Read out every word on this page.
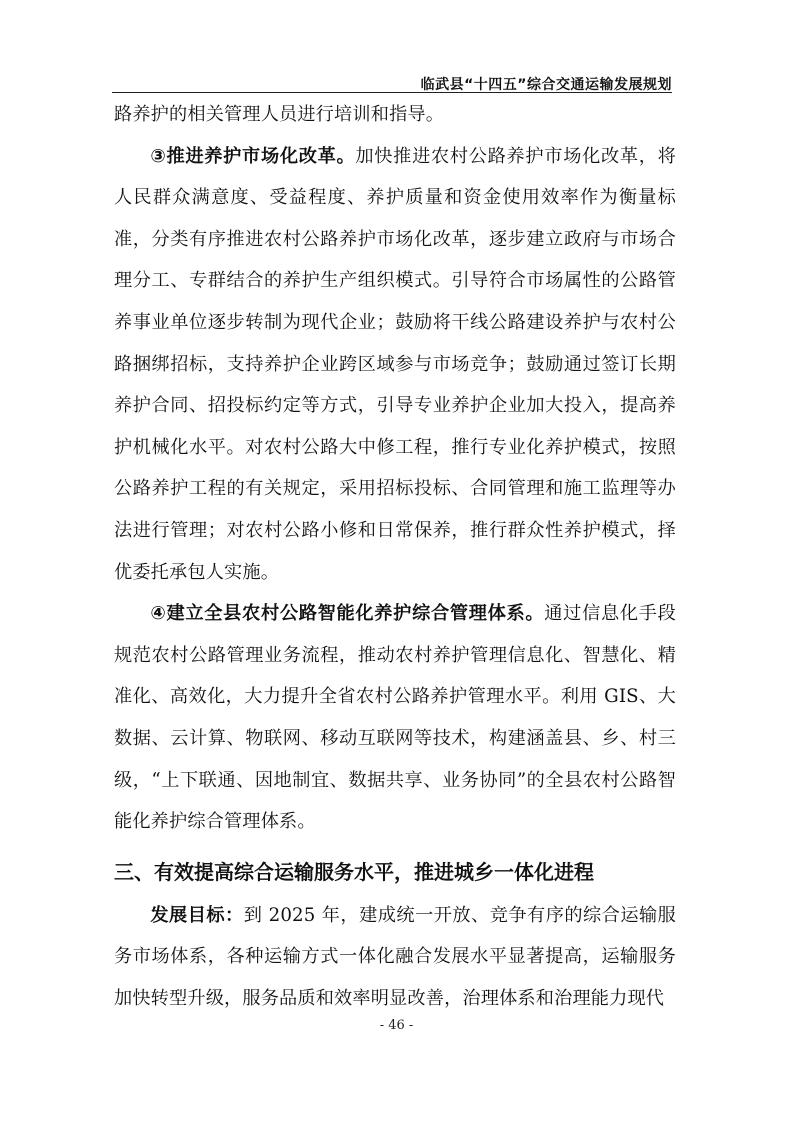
临武县“十四五”综合交通运输发展规划

路养护的相关管理人员进行培训和指导。

③推进养护市场化改革。加快推进农村公路养护市场化改革，将人民群众满意度、受益程度、养护质量和资金使用效率作为衡量标准，分类有序推进农村公路养护市场化改革，逐步建立政府与市场合理分工、专群结合的养护生产组织模式。引导符合市场属性的公路管养事业单位逐步转制为现代企业；鼓励将干线公路建设养护与农村公路捆绑招标，支持养护企业跨区域参与市场竞争；鼓励通过签订长期养护合同、招投标约定等方式，引导专业养护企业加大投入，提高养护机械化水平。对农村公路大中修工程，推行专业化养护模式，按照公路养护工程的有关规定，采用招标投标、合同管理和施工监理等办法进行管理；对农村公路小修和日常保养，推行群众性养护模式，择优委托承包人实施。

④建立全县农村公路智能化养护综合管理体系。通过信息化手段规范农村公路管理业务流程，推动农村养护管理信息化、智慧化、精准化、高效化，大力提升全省农村公路养护管理水平。利用 GIS、大数据、云计算、物联网、移动互联网等技术，构建涵盖县、乡、村三级，“上下联通、因地制宜、数据共享、业务协同”的全县农村公路智能化养护综合管理体系。

三、有效提高综合运输服务水平，推进城乡一体化进程

发展目标：到 2025 年，建成统一开放、竞争有序的综合运输服务市场体系，各种运输方式一体化融合发展水平显著提高，运输服务加快转型升级，服务品质和效率明显改善，治理体系和治理能力现代

- 46 -
